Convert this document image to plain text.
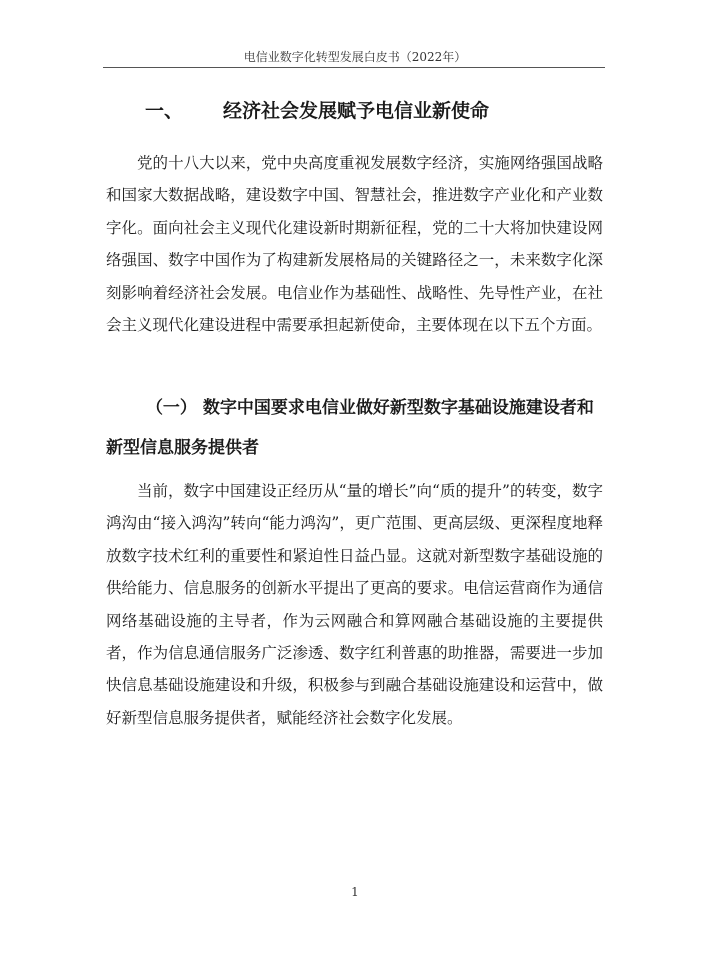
电信业数字化转型发展白皮书（2022年）
一、 经济社会发展赋予电信业新使命

党的十八大以来，党中央高度重视发展数字经济，实施网络强国战略和国家大数据战略，建设数字中国、智慧社会，推进数字产业化和产业数字化。面向社会主义现代化建设新时期新征程，党的二十大将加快建设网络强国、数字中国作为了构建新发展格局的关键路径之一，未来数字化深刻影响着经济社会发展。电信业作为基础性、战略性、先导性产业，在社会主义现代化建设进程中需要承担起新使命，主要体现在以下五个方面。

（一） 数字中国要求电信业做好新型数字基础设施建设者和新型信息服务提供者

当前，数字中国建设正经历从“量的增长”向“质的提升”的转变，数字鸿沟由“接入鸿沟”转向“能力鸿沟”，更广范围、更高层级、更深程度地释放数字技术红利的重要性和紧迫性日益凸显。这就对新型数字基础设施的供给能力、信息服务的创新水平提出了更高的要求。电信运营商作为通信网络基础设施的主导者，作为云网融合和算网融合基础设施的主要提供者，作为信息通信服务广泛渗透、数字红利普惠的助推器，需要进一步加快信息基础设施建设和升级，积极参与到融合基础设施建设和运营中，做好新型信息服务提供者，赋能经济社会数字化发展。

1
